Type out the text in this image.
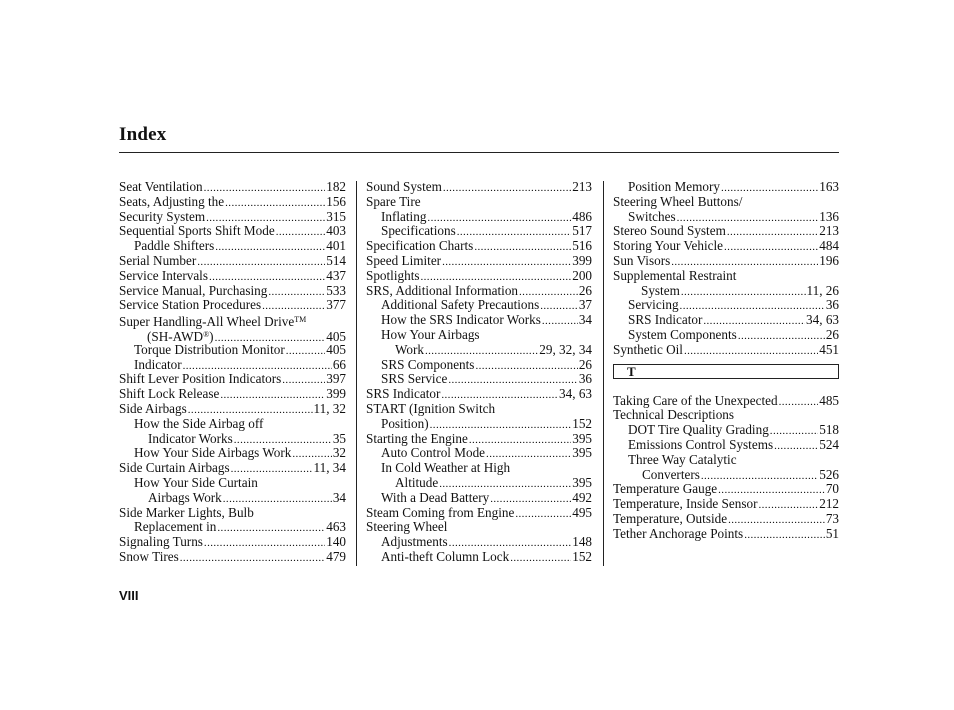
Index
Seat Ventilation .....	182
Seats, Adjusting the .....	156
Security System .....	315
Sequential Sports Shift Mode .....	403
Paddle Shifters .....	401
Serial Number .....	514
Service Intervals .....	437
Service Manual, Purchasing .....	533
Service Station Procedures .....	377
Super Handling-All Wheel Drive™
(SH-AWD®) .....	405
Torque Distribution Monitor .....	405
Indicator .....	66
Shift Lever Position Indicators .....	397
Shift Lock Release .....	399
Side Airbags .....	11, 32
How the Side Airbag off
Indicator Works .....	35
How Your Side Airbags Work .....	32
Side Curtain Airbags .....	11, 34
How Your Side Curtain
Airbags Work .....	34
Side Marker Lights, Bulb
Replacement in .....	463
Signaling Turns .....	140
Snow Tires .....	479
Sound System .....	213
Spare Tire
Inflating .....	486
Specifications .....	517
Specification Charts .....	516
Speed Limiter .....	399
Spotlights .....	200
SRS, Additional Information .....	26
Additional Safety Precautions .....	37
How the SRS Indicator Works .....	34
How Your Airbags
Work .....	29, 32, 34
SRS Components .....	26
SRS Service .....	36
SRS Indicator .....	34, 63
START (Ignition Switch
Position) .....	152
Starting the Engine .....	395
Auto Control Mode .....	395
In Cold Weather at High
Altitude .....	395
With a Dead Battery .....	492
Steam Coming from Engine .....	495
Steering Wheel
Adjustments .....	148
Anti-theft Column Lock .....	152
Position Memory .....	163
Steering Wheel Buttons/
Switches .....	136
Stereo Sound System .....	213
Storing Your Vehicle .....	484
Sun Visors .....	196
Supplemental Restraint
System .....	11, 26
Servicing .....	36
SRS Indicator .....	34, 63
System Components .....	26
Synthetic Oil .....	451
T
Taking Care of the Unexpected .....	485
Technical Descriptions
DOT Tire Quality Grading .....	518
Emissions Control Systems .....	524
Three Way Catalytic
Converters .....	526
Temperature Gauge .....	70
Temperature, Inside Sensor .....	212
Temperature, Outside .....	73
Tether Anchorage Points .....	51
VIII
